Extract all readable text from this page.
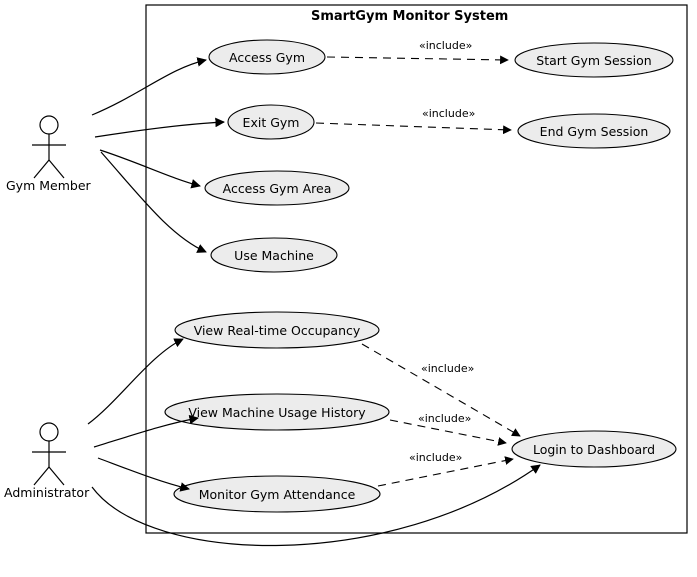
SmartGym Monitor System
Access Gym	Start Gym Session
Exit Gym
End Gym Session
Access Gym Area
Use Machine
View Real-time Occupancy
View Machine Usage History
Monitor Gym Attendance
Login to Dashboard
Gym Member
Administrator
«include»
«include»
«include»
«include»
«include»
